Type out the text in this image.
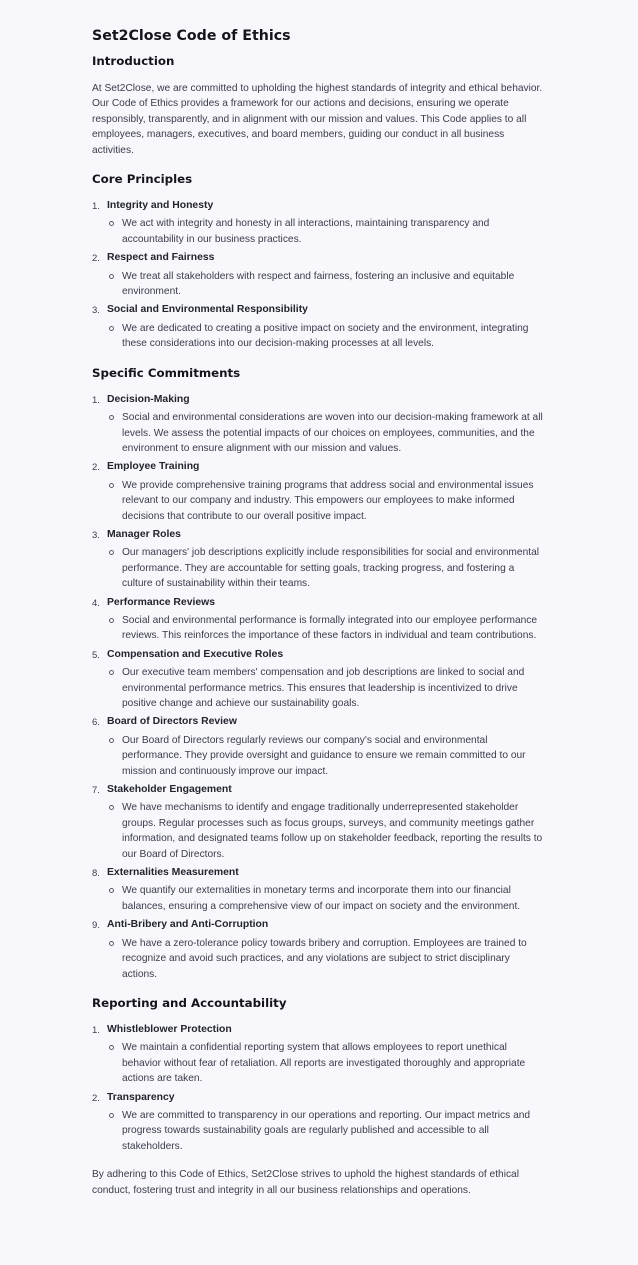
Set2Close Code of Ethics
Introduction

At Set2Close, we are committed to upholding the highest standards of integrity and ethical behavior. Our Code of Ethics provides a framework for our actions and decisions, ensuring we operate responsibly, transparently, and in alignment with our mission and values. This Code applies to all employees, managers, executives, and board members, guiding our conduct in all business activities.

Core Principles
1. Integrity and Honesty
We act with integrity and honesty in all interactions, maintaining transparency and accountability in our business practices.
2. Respect and Fairness
We treat all stakeholders with respect and fairness, fostering an inclusive and equitable environment.
3. Social and Environmental Responsibility
We are dedicated to creating a positive impact on society and the environment, integrating these considerations into our decision-making processes at all levels.
Specific Commitments
1. Decision-Making
Social and environmental considerations are woven into our decision-making framework at all levels. We assess the potential impacts of our choices on employees, communities, and the environment to ensure alignment with our mission and values.
2. Employee Training
We provide comprehensive training programs that address social and environmental issues relevant to our company and industry. This empowers our employees to make informed decisions that contribute to our overall positive impact.
3. Manager Roles
Our managers' job descriptions explicitly include responsibilities for social and environmental performance. They are accountable for setting goals, tracking progress, and fostering a culture of sustainability within their teams.
4. Performance Reviews
Social and environmental performance is formally integrated into our employee performance reviews. This reinforces the importance of these factors in individual and team contributions.
5. Compensation and Executive Roles
Our executive team members' compensation and job descriptions are linked to social and environmental performance metrics. This ensures that leadership is incentivized to drive positive change and achieve our sustainability goals.
6. Board of Directors Review
Our Board of Directors regularly reviews our company's social and environmental performance. They provide oversight and guidance to ensure we remain committed to our mission and continuously improve our impact.
7. Stakeholder Engagement
We have mechanisms to identify and engage traditionally underrepresented stakeholder groups. Regular processes such as focus groups, surveys, and community meetings gather information, and designated teams follow up on stakeholder feedback, reporting the results to our Board of Directors.
8. Externalities Measurement
We quantify our externalities in monetary terms and incorporate them into our financial balances, ensuring a comprehensive view of our impact on society and the environment.
9. Anti-Bribery and Anti-Corruption
We have a zero-tolerance policy towards bribery and corruption. Employees are trained to recognize and avoid such practices, and any violations are subject to strict disciplinary actions.
Reporting and Accountability
1. Whistleblower Protection
We maintain a confidential reporting system that allows employees to report unethical behavior without fear of retaliation. All reports are investigated thoroughly and appropriate actions are taken.
2. Transparency
We are committed to transparency in our operations and reporting. Our impact metrics and progress towards sustainability goals are regularly published and accessible to all stakeholders.

By adhering to this Code of Ethics, Set2Close strives to uphold the highest standards of ethical conduct, fostering trust and integrity in all our business relationships and operations.
